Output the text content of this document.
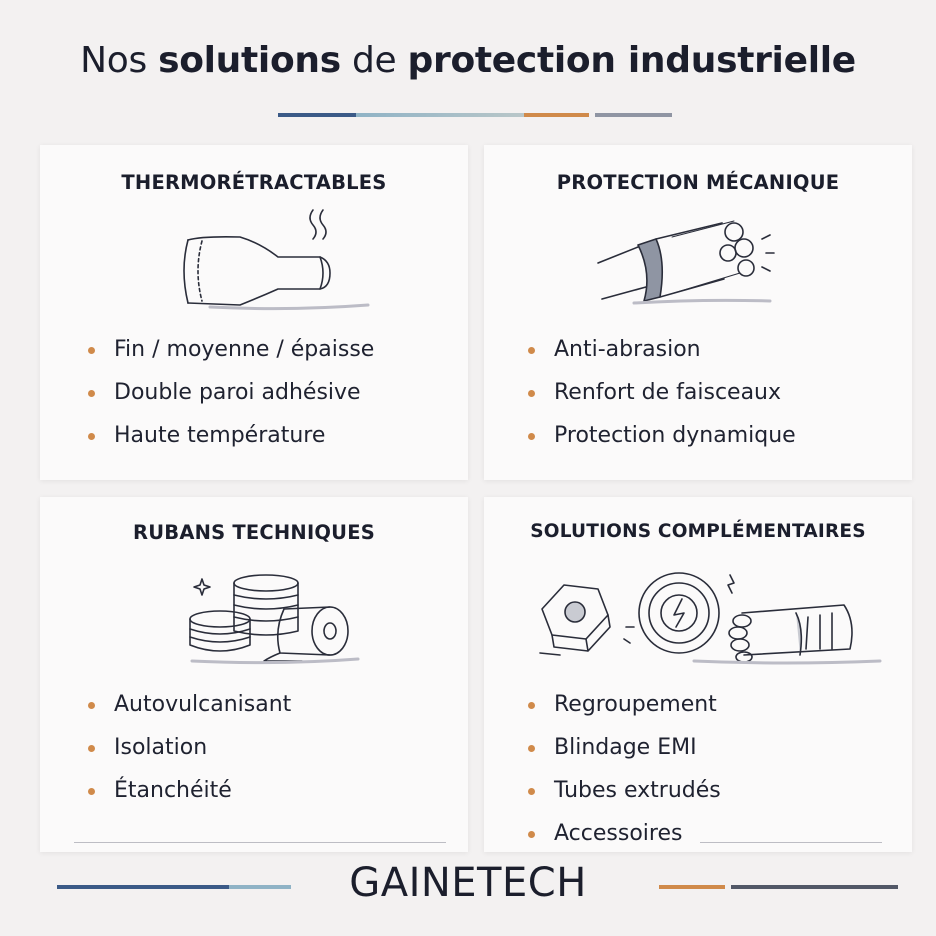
Nos solutions de protection industrielle
THERMORÉTRACTABLES
Fin / moyenne / épaisse
Double paroi adhésive
Haute température
PROTECTION MÉCANIQUE
Anti-abrasion
Renfort de faisceaux
Protection dynamique
RUBANS TECHNIQUES
Autovulcanisant
Isolation
Étanchéité
SOLUTIONS COMPLÉMENTAIRES
Regroupement
Blindage EMI
Tubes extrudés
Accessoires
GAINETECH
